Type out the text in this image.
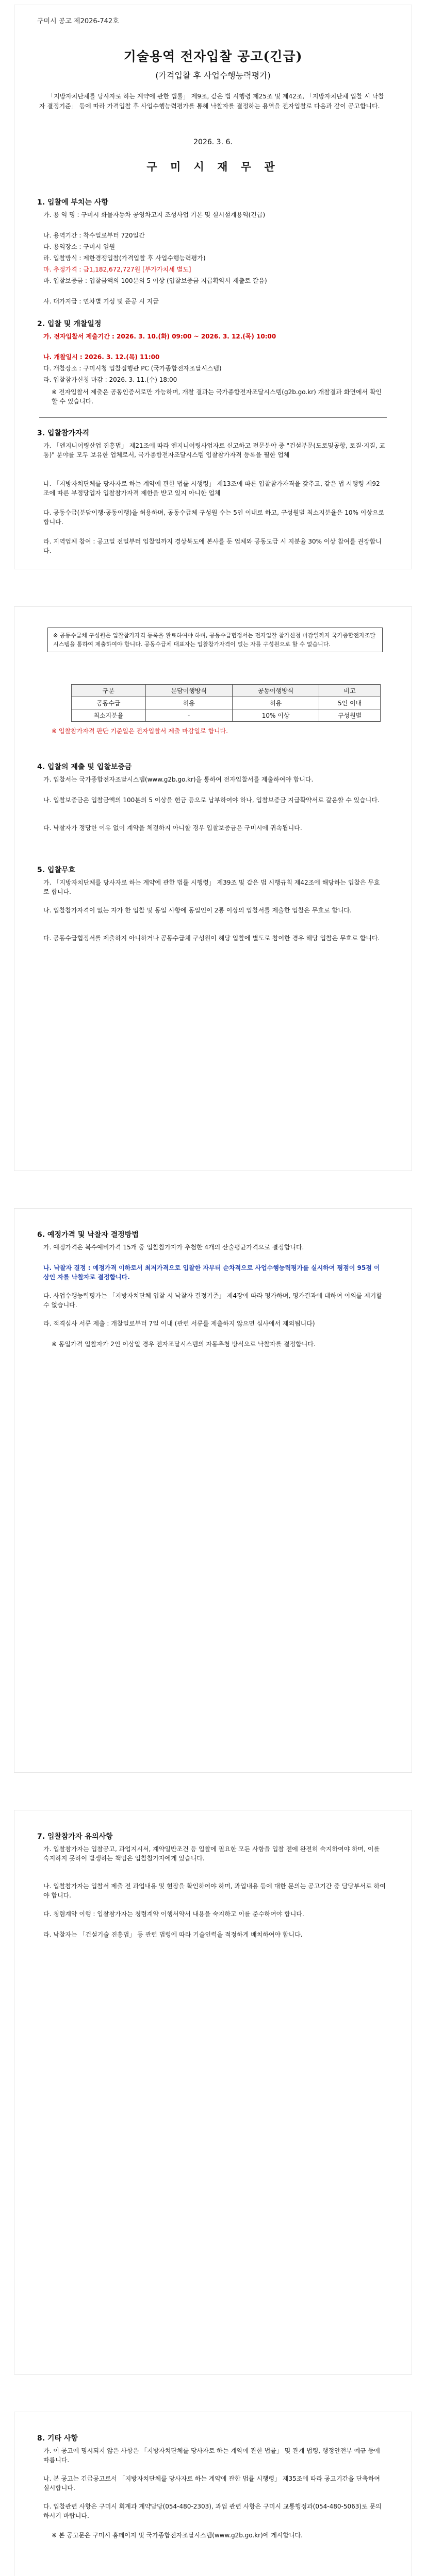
구미시 공고 제2026-742호
기술용역 전자입찰 공고(긴급)
(가격입찰 후 사업수행능력평가)
「지방자치단체를 당사자로 하는 계약에 관한 법률」 제9조, 같은 법 시행령 제25조 및 제42조, 「지방자치단체 입찰 시 낙찰자 결정기준」 등에 따라 가격입찰 후 사업수행능력평가를 통해 낙찰자를 결정하는 용역을 전자입찰로 다음과 같이 공고합니다.
2026. 3. 6.
구 미 시 재 무 관
1. 입찰에 부치는 사항
가. 용 역 명 : 구미시 화물자동차 공영차고지 조성사업 기본 및 실시설계용역(긴급)
나. 용역기간 : 착수일로부터 720일간
다. 용역장소 : 구미시 일원
라. 입찰방식 : 제한경쟁입찰(가격입찰 후 사업수행능력평가)
마. 추정가격 : 금1,182,672,727원 [부가가치세 별도]
바. 입찰보증금 : 입찰금액의 100분의 5 이상 (입찰보증금 지급확약서 제출로 갈음)
사. 대가지급 : 연차별 기성 및 준공 시 지급
2. 입찰 및 개찰일정
가. 전자입찰서 제출기간 : 2026. 3. 10.(화) 09:00 ~ 2026. 3. 12.(목) 10:00
나. 개찰일시 : 2026. 3. 12.(목) 11:00
다. 개찰장소 : 구미시청 입찰집행관 PC (국가종합전자조달시스템)
라. 입찰참가신청 마감 : 2026. 3. 11.(수) 18:00
※ 전자입찰서 제출은 공동인증서로만 가능하며, 개찰 결과는 국가종합전자조달시스템(g2b.go.kr) 개찰결과 화면에서 확인할 수 있습니다.
3. 입찰참가자격
가. 「엔지니어링산업 진흥법」 제21조에 따라 엔지니어링사업자로 신고하고 전문분야 중 "건설부문(도로및공항, 토질·지질, 교통)" 분야를 모두 보유한 업체로서, 국가종합전자조달시스템 입찰참가자격 등록을 필한 업체
나. 「지방자치단체를 당사자로 하는 계약에 관한 법률 시행령」 제13조에 따른 입찰참가자격을 갖추고, 같은 법 시행령 제92조에 따른 부정당업자 입찰참가자격 제한을 받고 있지 아니한 업체
다. 공동수급(분담이행·공동이행)을 허용하며, 공동수급체 구성원 수는 5인 이내로 하고, 구성원별 최소지분율은 10% 이상으로 합니다.
라. 지역업체 참여 : 공고일 전일부터 입찰일까지 경상북도에 본사를 둔 업체와 공동도급 시 지분율 30% 이상 참여를 권장합니다.
※ 공동수급체 구성원은 입찰참가자격 등록을 완료하여야 하며, 공동수급협정서는 전자입찰 참가신청 마감일까지 국가종합전자조달시스템을 통하여 제출하여야 합니다. 공동수급체 대표자는 입찰참가자격이 없는 자를 구성원으로 할 수 없습니다.
구분	분담이행방식	공동이행방식	비고
공동수급	허용	허용	5인 이내
최소지분율	-	10% 이상	구성원별
※ 입찰참가자격 판단 기준일은 전자입찰서 제출 마감일로 합니다.
4. 입찰의 제출 및 입찰보증금
가. 입찰서는 국가종합전자조달시스템(www.g2b.go.kr)을 통하여 전자입찰서를 제출하여야 합니다.
나. 입찰보증금은 입찰금액의 100분의 5 이상을 현금 등으로 납부하여야 하나, 입찰보증금 지급확약서로 갈음할 수 있습니다.
다. 낙찰자가 정당한 이유 없이 계약을 체결하지 아니할 경우 입찰보증금은 구미시에 귀속됩니다.
5. 입찰무효
가. 「지방자치단체를 당사자로 하는 계약에 관한 법률 시행령」 제39조 및 같은 법 시행규칙 제42조에 해당하는 입찰은 무효로 합니다.
나. 입찰참가자격이 없는 자가 한 입찰 및 동일 사항에 동일인이 2통 이상의 입찰서를 제출한 입찰은 무효로 합니다.
다. 공동수급협정서를 제출하지 아니하거나 공동수급체 구성원이 해당 입찰에 별도로 참여한 경우 해당 입찰은 무효로 합니다.
6. 예정가격 및 낙찰자 결정방법
가. 예정가격은 복수예비가격 15개 중 입찰참가자가 추첨한 4개의 산술평균가격으로 결정합니다.
나. 낙찰자 결정 : 예정가격 이하로서 최저가격으로 입찰한 자부터 순차적으로 사업수행능력평가를 실시하여 평점이 95점 이상인 자를 낙찰자로 결정합니다.
다. 사업수행능력평가는 「지방자치단체 입찰 시 낙찰자 결정기준」 제4장에 따라 평가하며, 평가결과에 대하여 이의를 제기할 수 없습니다.
라. 적격심사 서류 제출 : 개찰일로부터 7일 이내 (관련 서류를 제출하지 않으면 심사에서 제외됩니다)
※ 동일가격 입찰자가 2인 이상일 경우 전자조달시스템의 자동추첨 방식으로 낙찰자를 결정합니다.
7. 입찰참가자 유의사항
가. 입찰참가자는 입찰공고, 과업지시서, 계약일반조건 등 입찰에 필요한 모든 사항을 입찰 전에 완전히 숙지하여야 하며, 이를 숙지하지 못하여 발생하는 책임은 입찰참가자에게 있습니다.
나. 입찰참가자는 입찰서 제출 전 과업내용 및 현장을 확인하여야 하며, 과업내용 등에 대한 문의는 공고기간 중 담당부서로 하여야 합니다.
다. 청렴계약 이행 : 입찰참가자는 청렴계약 이행서약서 내용을 숙지하고 이를 준수하여야 합니다.
라. 낙찰자는 「건설기술 진흥법」 등 관련 법령에 따라 기술인력을 적정하게 배치하여야 합니다.
8. 기타 사항
가. 이 공고에 명시되지 않은 사항은 「지방자치단체를 당사자로 하는 계약에 관한 법률」 및 관계 법령, 행정안전부 예규 등에 따릅니다.
나. 본 공고는 긴급공고로서 「지방자치단체를 당사자로 하는 계약에 관한 법률 시행령」 제35조에 따라 공고기간을 단축하여 실시합니다.
다. 입찰관련 사항은 구미시 회계과 계약담당(054-480-2303), 과업 관련 사항은 구미시 교통행정과(054-480-5063)로 문의하시기 바랍니다.
※ 본 공고문은 구미시 홈페이지 및 국가종합전자조달시스템(www.g2b.go.kr)에 게시합니다.
